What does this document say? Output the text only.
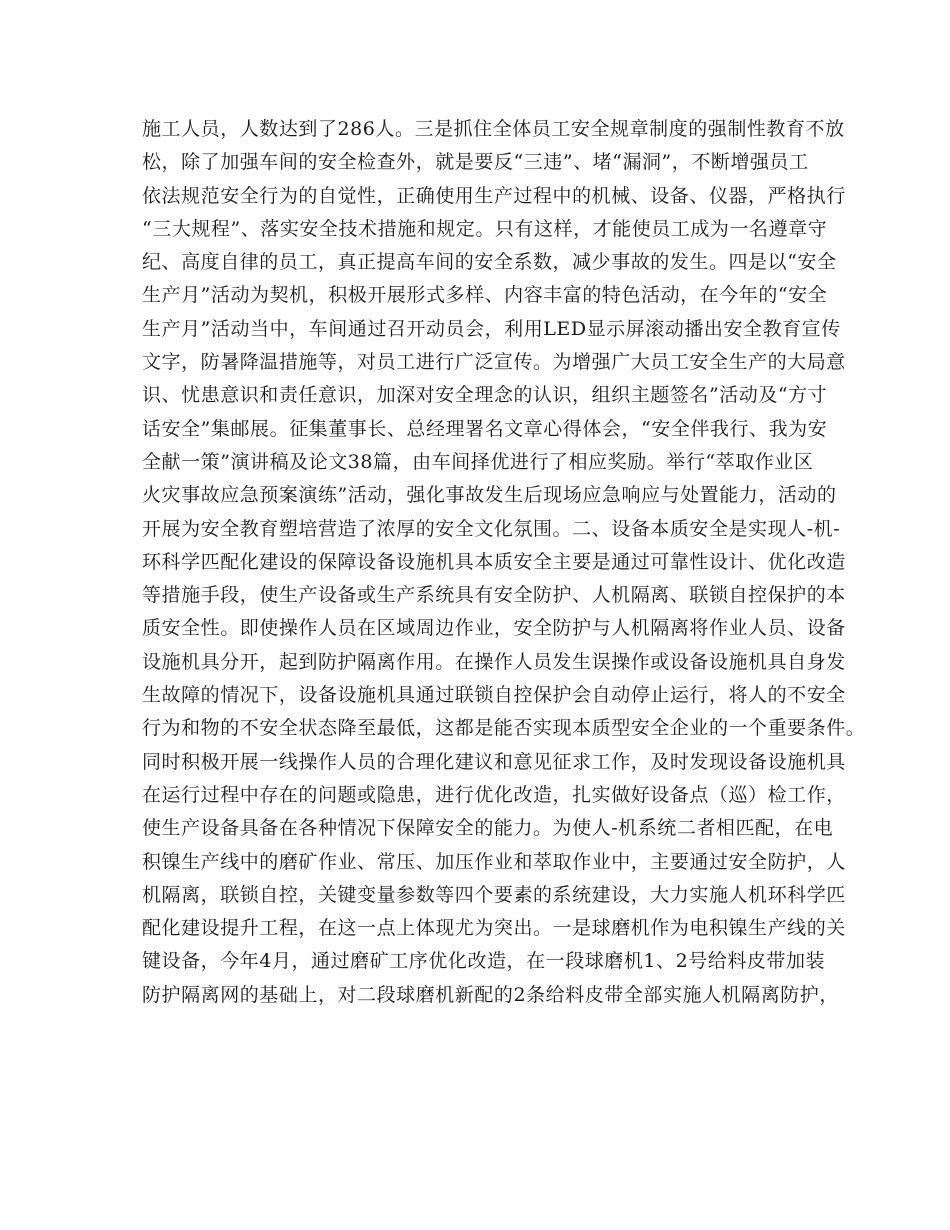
施工人员，人数达到了286人。三是抓住全体员工安全规章制度的强制性教育不放
松，除了加强车间的安全检查外，就是要反“三违”、堵“漏洞”，不断增强员工
依法规范安全行为的自觉性，正确使用生产过程中的机械、设备、仪器，严格执行
“三大规程”、落实安全技术措施和规定。只有这样，才能使员工成为一名遵章守
纪、高度自律的员工，真正提高车间的安全系数，减少事故的发生。四是以“安全
生产月”活动为契机，积极开展形式多样、内容丰富的特色活动，在今年的“安全
生产月”活动当中，车间通过召开动员会，利用LED显示屏滚动播出安全教育宣传
文字，防暑降温措施等，对员工进行广泛宣传。为增强广大员工安全生产的大局意
识、忧患意识和责任意识，加深对安全理念的认识，组织主题签名”活动及“方寸
话安全”集邮展。征集董事长、总经理署名文章心得体会，“安全伴我行、我为安
全献一策”演讲稿及论文38篇，由车间择优进行了相应奖励。举行“萃取作业区
火灾事故应急预案演练”活动，强化事故发生后现场应急响应与处置能力，活动的
开展为安全教育塑培营造了浓厚的安全文化氛围。二、设备本质安全是实现人-机-
环科学匹配化建设的保障设备设施机具本质安全主要是通过可靠性设计、优化改造
等措施手段，使生产设备或生产系统具有安全防护、人机隔离、联锁自控保护的本
质安全性。即使操作人员在区域周边作业，安全防护与人机隔离将作业人员、设备
设施机具分开，起到防护隔离作用。在操作人员发生误操作或设备设施机具自身发
生故障的情况下，设备设施机具通过联锁自控保护会自动停止运行，将人的不安全
行为和物的不安全状态降至最低，这都是能否实现本质型安全企业的一个重要条件。
同时积极开展一线操作人员的合理化建议和意见征求工作，及时发现设备设施机具
在运行过程中存在的问题或隐患，进行优化改造，扎实做好设备点（巡）检工作，
使生产设备具备在各种情况下保障安全的能力。为使人-机系统二者相匹配，在电
积镍生产线中的磨矿作业、常压、加压作业和萃取作业中，主要通过安全防护，人
机隔离，联锁自控，关键变量参数等四个要素的系统建设，大力实施人机环科学匹
配化建设提升工程，在这一点上体现尤为突出。一是球磨机作为电积镍生产线的关
键设备，今年4月，通过磨矿工序优化改造，在一段球磨机1、2号给料皮带加装
防护隔离网的基础上，对二段球磨机新配的2条给料皮带全部实施人机隔离防护，
